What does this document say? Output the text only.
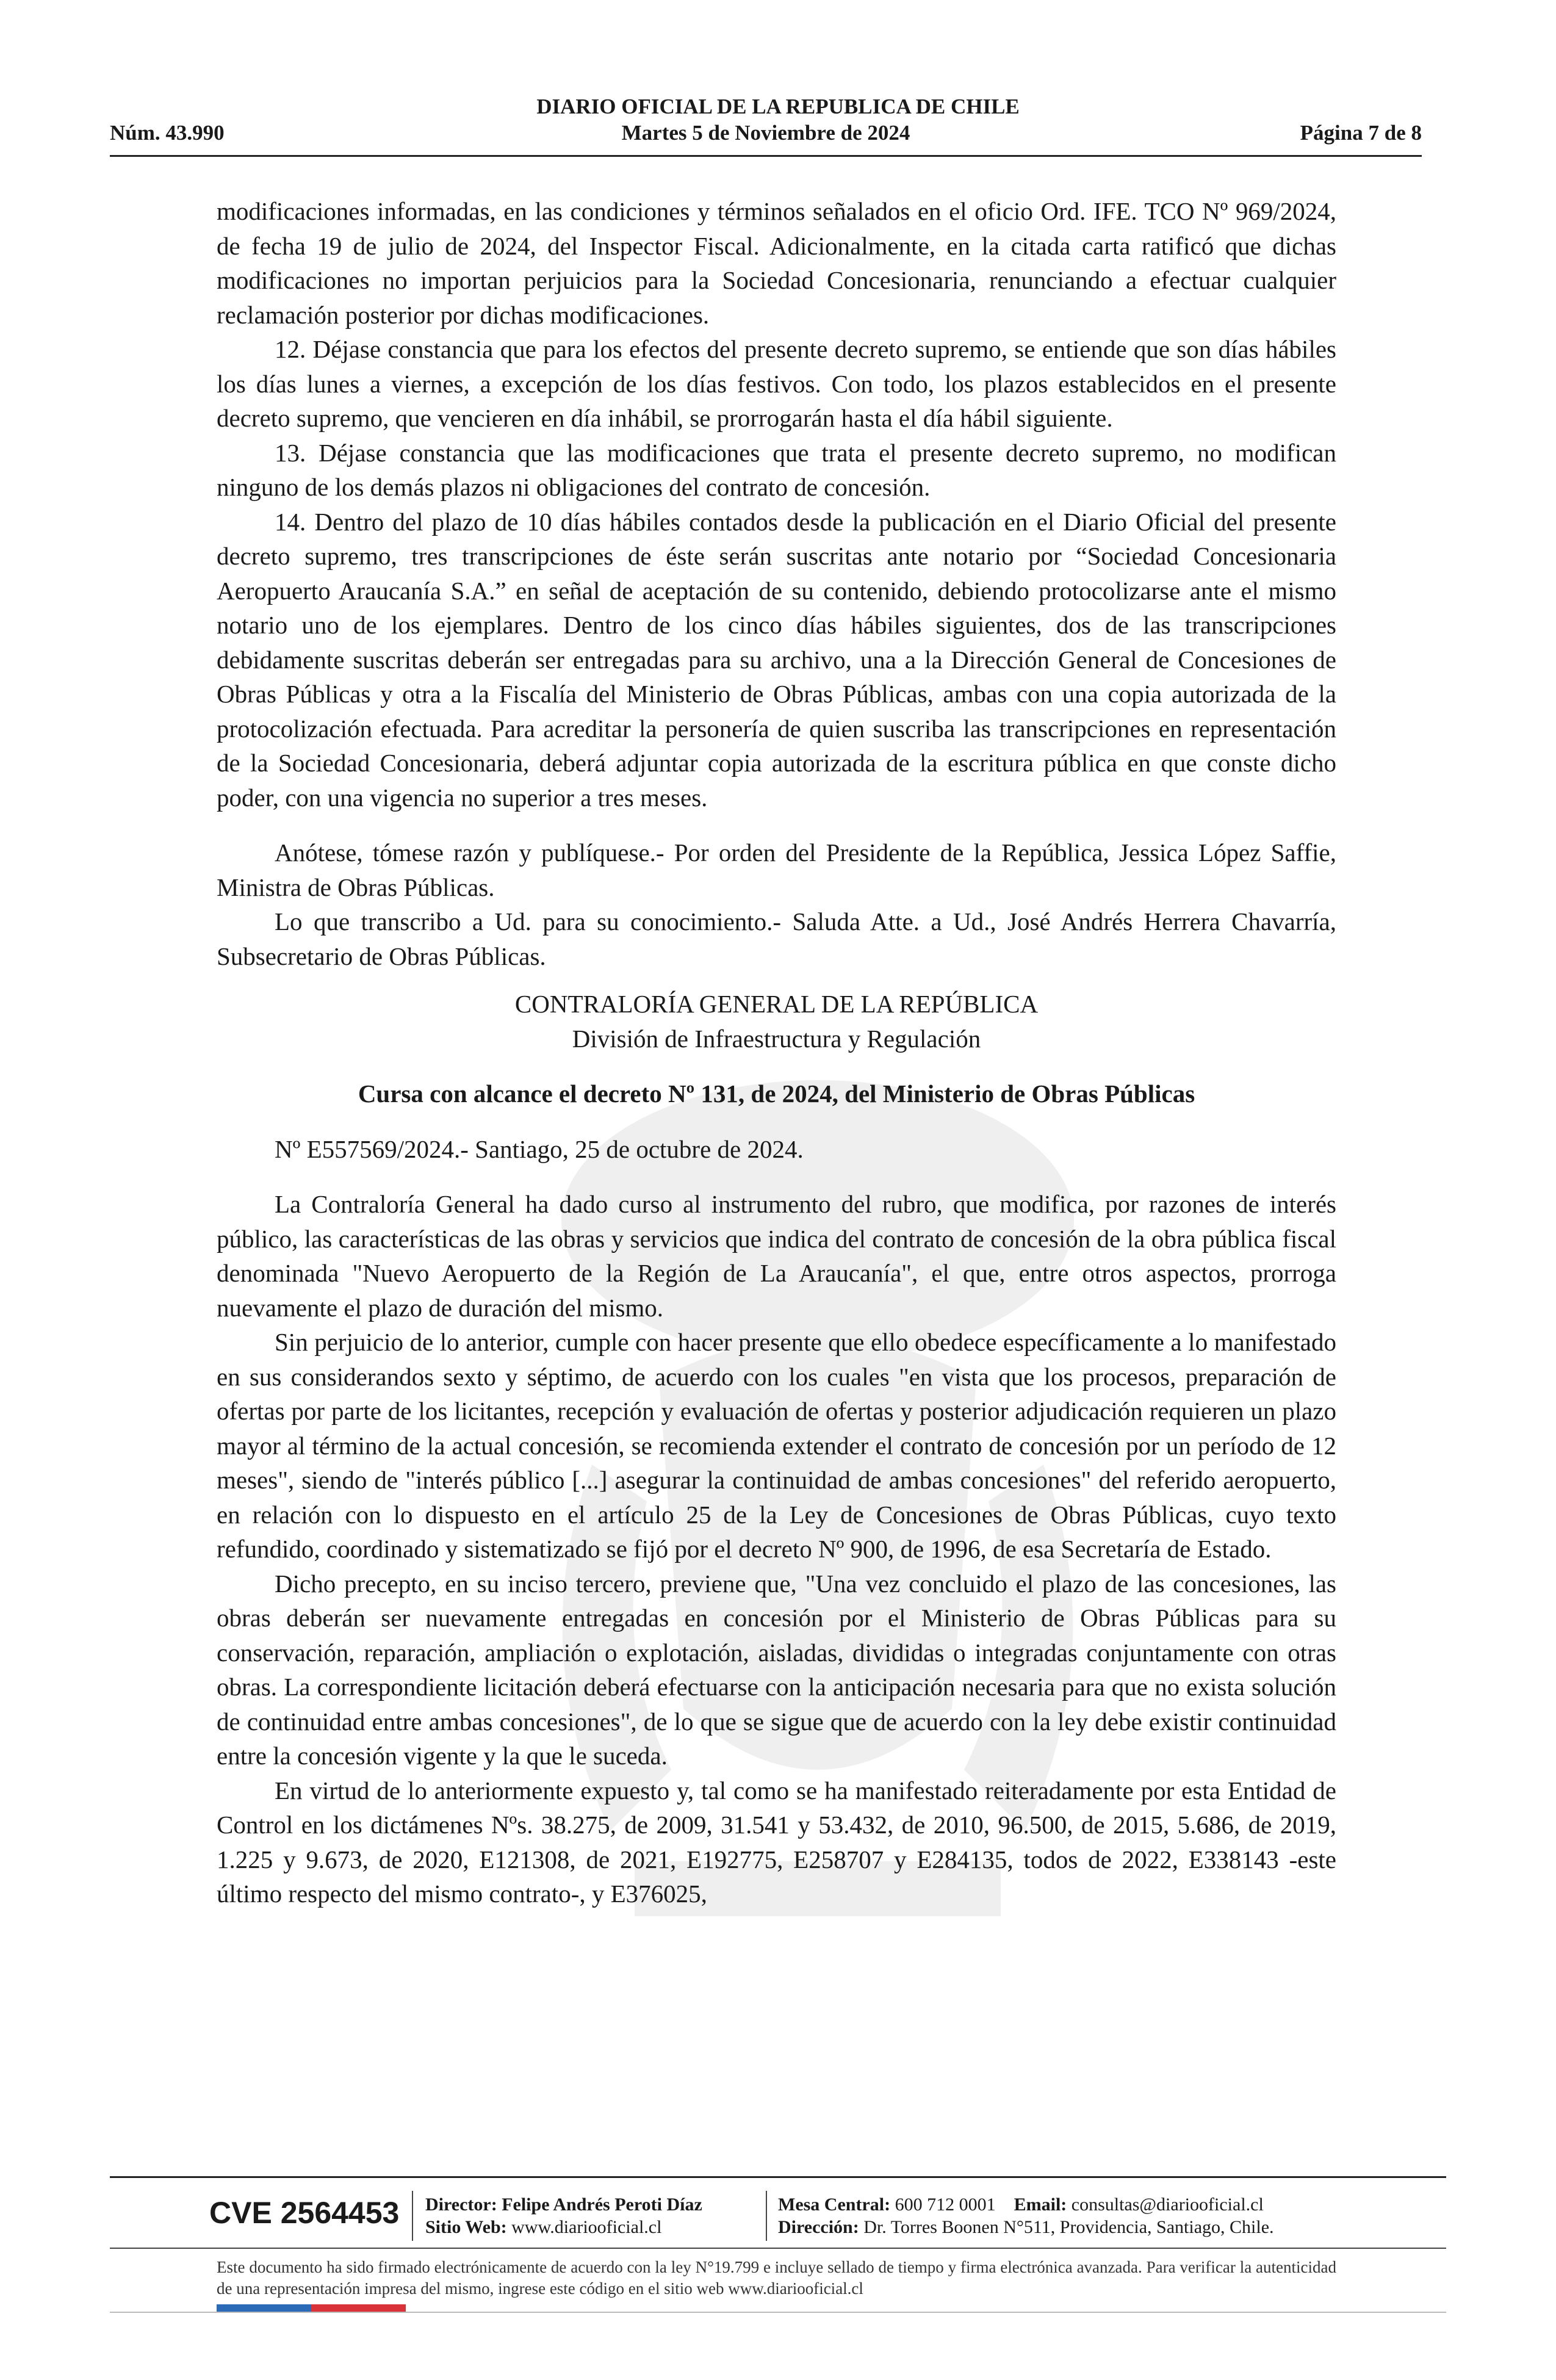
DIARIO OFICIAL DE LA REPUBLICA DE CHILE
Martes 5 de Noviembre de 2024
Núm. 43.990	Página 7 de 8

modificaciones informadas, en las condiciones y términos señalados en el oficio Ord. IFE. TCO Nº 969/2024, de fecha 19 de julio de 2024, del Inspector Fiscal. Adicionalmente, en la citada carta ratificó que dichas modificaciones no importan perjuicios para la Sociedad Concesionaria, renunciando a efectuar cualquier reclamación posterior por dichas modificaciones.

12. Déjase constancia que para los efectos del presente decreto supremo, se entiende que son días hábiles los días lunes a viernes, a excepción de los días festivos. Con todo, los plazos establecidos en el presente decreto supremo, que vencieren en día inhábil, se prorrogarán hasta el día hábil siguiente.

13. Déjase constancia que las modificaciones que trata el presente decreto supremo, no modifican ninguno de los demás plazos ni obligaciones del contrato de concesión.

14. Dentro del plazo de 10 días hábiles contados desde la publicación en el Diario Oficial del presente decreto supremo, tres transcripciones de éste serán suscritas ante notario por “Sociedad Concesionaria Aeropuerto Araucanía S.A.” en señal de aceptación de su contenido, debiendo protocolizarse ante el mismo notario uno de los ejemplares. Dentro de los cinco días hábiles siguientes, dos de las transcripciones debidamente suscritas deberán ser entregadas para su archivo, una a la Dirección General de Concesiones de Obras Públicas y otra a la Fiscalía del Ministerio de Obras Públicas, ambas con una copia autorizada de la protocolización efectuada. Para acreditar la personería de quien suscriba las transcripciones en representación de la Sociedad Concesionaria, deberá adjuntar copia autorizada de la escritura pública en que conste dicho poder, con una vigencia no superior a tres meses.

Anótese, tómese razón y publíquese.- Por orden del Presidente de la República, Jessica López Saffie, Ministra de Obras Públicas.

Lo que transcribo a Ud. para su conocimiento.- Saluda Atte. a Ud., José Andrés Herrera Chavarría, Subsecretario de Obras Públicas.

CONTRALORÍA GENERAL DE LA REPÚBLICA

División de Infraestructura y Regulación

Cursa con alcance el decreto Nº 131, de 2024, del Ministerio de Obras Públicas

Nº E557569/2024.- Santiago, 25 de octubre de 2024.

La Contraloría General ha dado curso al instrumento del rubro, que modifica, por razones de interés público, las características de las obras y servicios que indica del contrato de concesión de la obra pública fiscal denominada "Nuevo Aeropuerto de la Región de La Araucanía", el que, entre otros aspectos, prorroga nuevamente el plazo de duración del mismo.

Sin perjuicio de lo anterior, cumple con hacer presente que ello obedece específicamente a lo manifestado en sus considerandos sexto y séptimo, de acuerdo con los cuales "en vista que los procesos, preparación de ofertas por parte de los licitantes, recepción y evaluación de ofertas y posterior adjudicación requieren un plazo mayor al término de la actual concesión, se recomienda extender el contrato de concesión por un período de 12 meses", siendo de "interés público [...] asegurar la continuidad de ambas concesiones" del referido aeropuerto, en relación con lo dispuesto en el artículo 25 de la Ley de Concesiones de Obras Públicas, cuyo texto refundido, coordinado y sistematizado se fijó por el decreto Nº 900, de 1996, de esa Secretaría de Estado.

Dicho precepto, en su inciso tercero, previene que, "Una vez concluido el plazo de las concesiones, las obras deberán ser nuevamente entregadas en concesión por el Ministerio de Obras Públicas para su conservación, reparación, ampliación o explotación, aisladas, divididas o integradas conjuntamente con otras obras. La correspondiente licitación deberá efectuarse con la anticipación necesaria para que no exista solución de continuidad entre ambas concesiones", de lo que se sigue que de acuerdo con la ley debe existir continuidad entre la concesión vigente y la que le suceda.

En virtud de lo anteriormente expuesto y, tal como se ha manifestado reiteradamente por esta Entidad de Control en los dictámenes Nºs. 38.275, de 2009, 31.541 y 53.432, de 2010, 96.500, de 2015, 5.686, de 2019, 1.225 y 9.673, de 2020, E121308, de 2021, E192775, E258707 y E284135, todos de 2022, E338143 -este último respecto del mismo contrato-, y E376025,

CVE 2564453 Director: Felipe Andrés Peroti Díaz
Sitio Web: www.diariooficial.cl
Mesa Central: 600 712 0001 Email: consultas@diariooficial.cl
Dirección: Dr. Torres Boonen N°511, Providencia, Santiago, Chile.
Este documento ha sido firmado electrónicamente de acuerdo con la ley N°19.799 e incluye sellado de tiempo y firma electrónica avanzada. Para verificar la autenticidad de una representación impresa del mismo, ingrese este código en el sitio web www.diariooficial.cl
